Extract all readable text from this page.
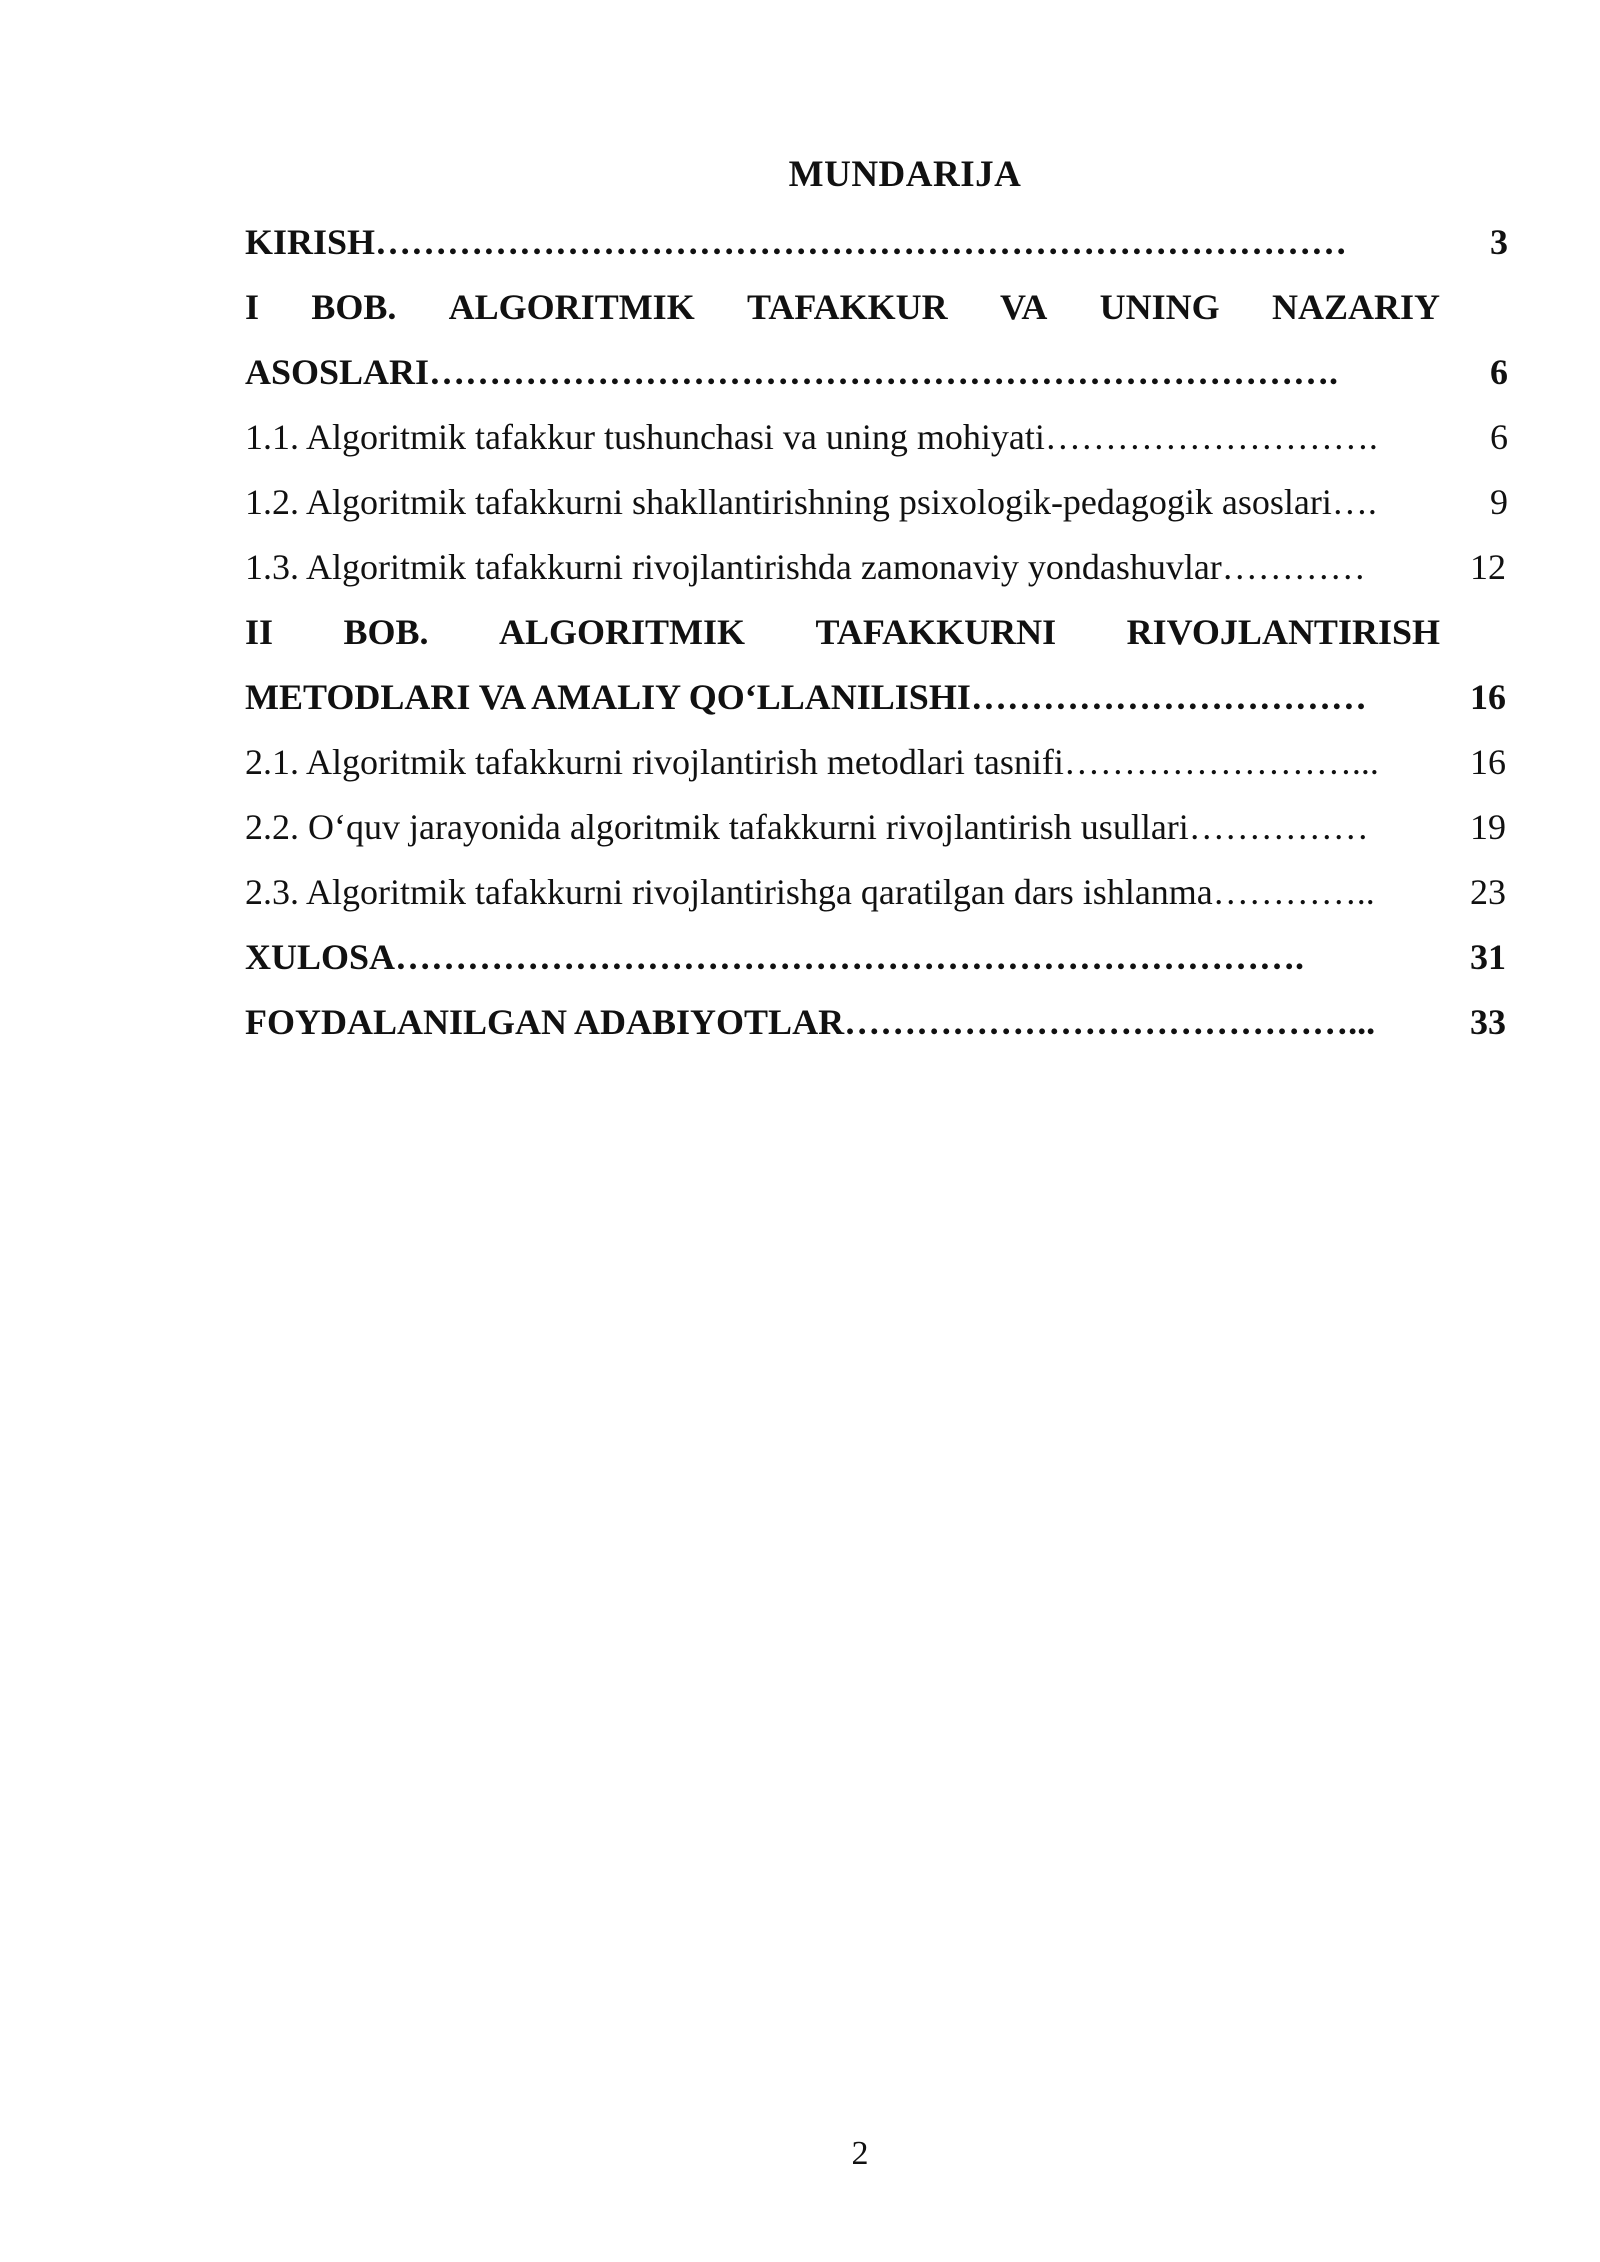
MUNDARIJA
KIRISH………………………………………………………………………	3
I BOB. ALGORITMIK TAFAKKUR VA UNING NAZARIY
ASOSLARI………………………………………………………………….	6
1.1. Algoritmik tafakkur tushunchasi va uning mohiyati……………………….	6
1.2. Algoritmik tafakkurni shakllantirishning psixologik-pedagogik asoslari….	9
1.3. Algoritmik tafakkurni rivojlantirishda zamonaviy yondashuvlar…………	12
II BOB. ALGORITMIK TAFAKKURNI RIVOJLANTIRISH
METODLARI VA AMALIY QO‘LLANILISHI……………………………	16
2.1. Algoritmik tafakkurni rivojlantirish metodlari tasnifi……………………...	16
2.2. O‘quv jarayonida algoritmik tafakkurni rivojlantirish usullari……………	19
2.3. Algoritmik tafakkurni rivojlantirishga qaratilgan dars ishlanma…………..	23
XULOSA………………………………………………………………….	31
FOYDALANILGAN ADABIYOTLAR……………………………………...	33
2
